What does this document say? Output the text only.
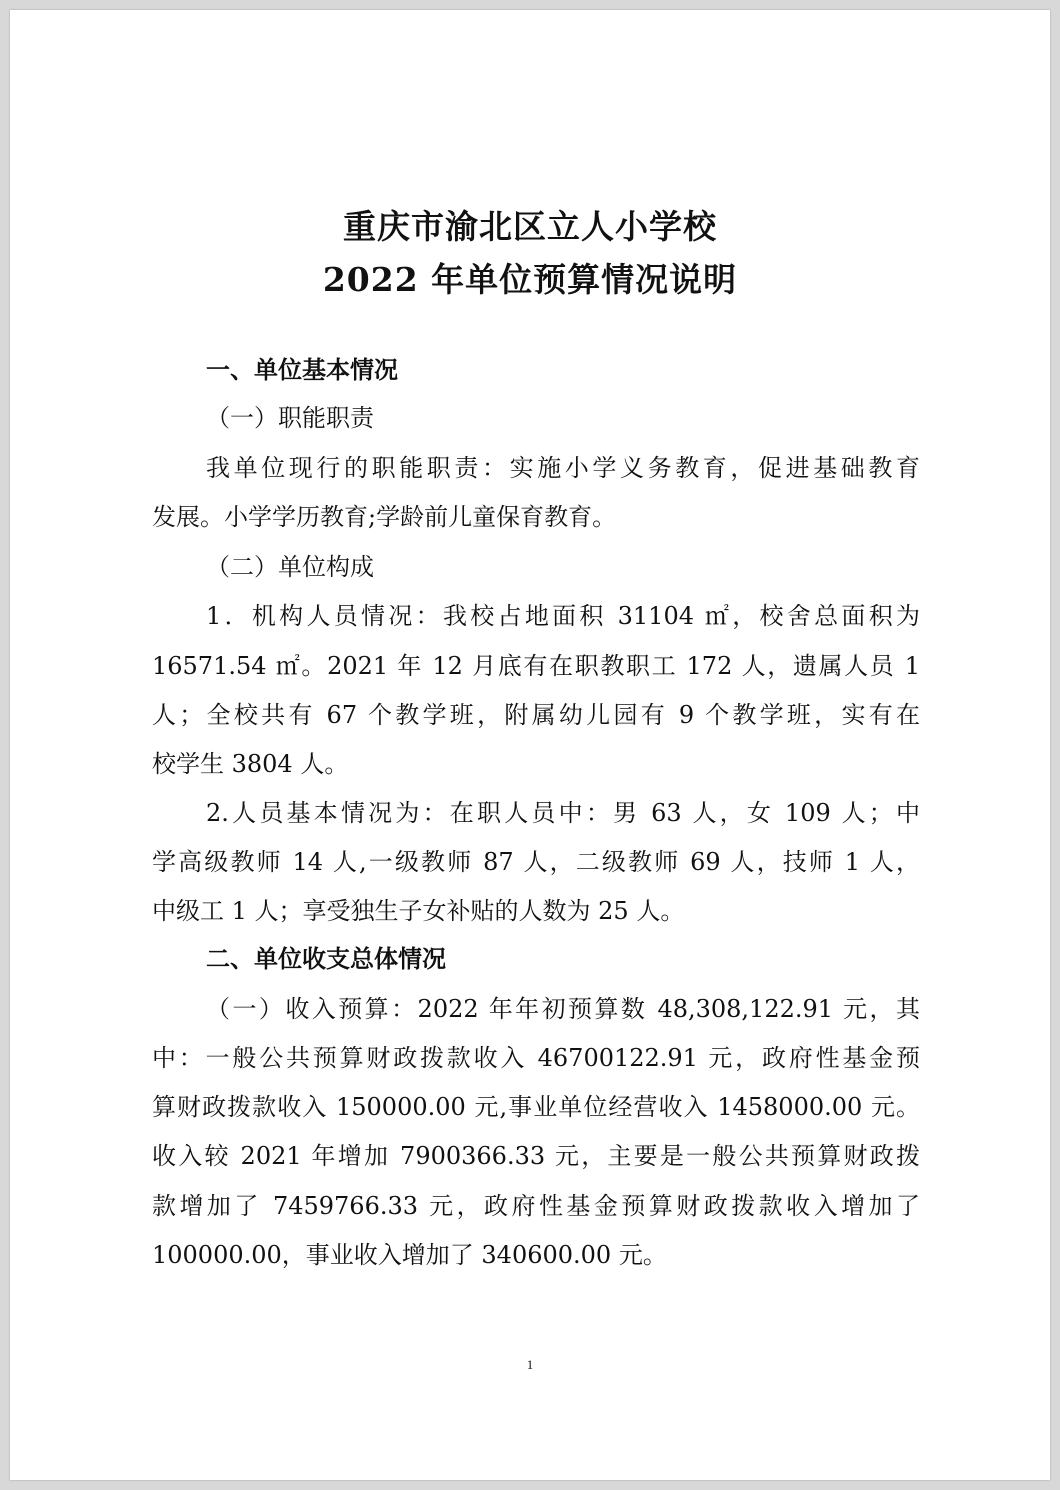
重庆市渝北区立人小学校
2022 年单位预算情况说明
一、单位基本情况
（一）职能职责
我单位现行的职能职责：实施小学义务教育，促进基础教育
发展。小学学历教育;学龄前儿童保育教育。
（二）单位构成
1．机构人员情况：我校占地面积 31104 ㎡，校舍总面积为
16571.54 ㎡。2021 年 12 月底有在职教职工 172 人，遗属人员 1
人；全校共有 67 个教学班，附属幼儿园有 9 个教学班，实有在
校学生 3804 人。
2.人员基本情况为：在职人员中：男 63 人，女 109 人；中
学高级教师 14 人,一级教师 87 人，二级教师 69 人，技师 1 人，
中级工 1 人；享受独生子女补贴的人数为 25 人。
二、单位收支总体情况
（一）收入预算：2022 年年初预算数 48,308,122.91 元，其
中：一般公共预算财政拨款收入 46700122.91 元，政府性基金预
算财政拨款收入 150000.00 元,事业单位经营收入 1458000.00 元。
收入较 2021 年增加 7900366.33 元，主要是一般公共预算财政拨
款增加了 7459766.33 元，政府性基金预算财政拨款收入增加了
100000.00，事业收入增加了 340600.00 元。
1
